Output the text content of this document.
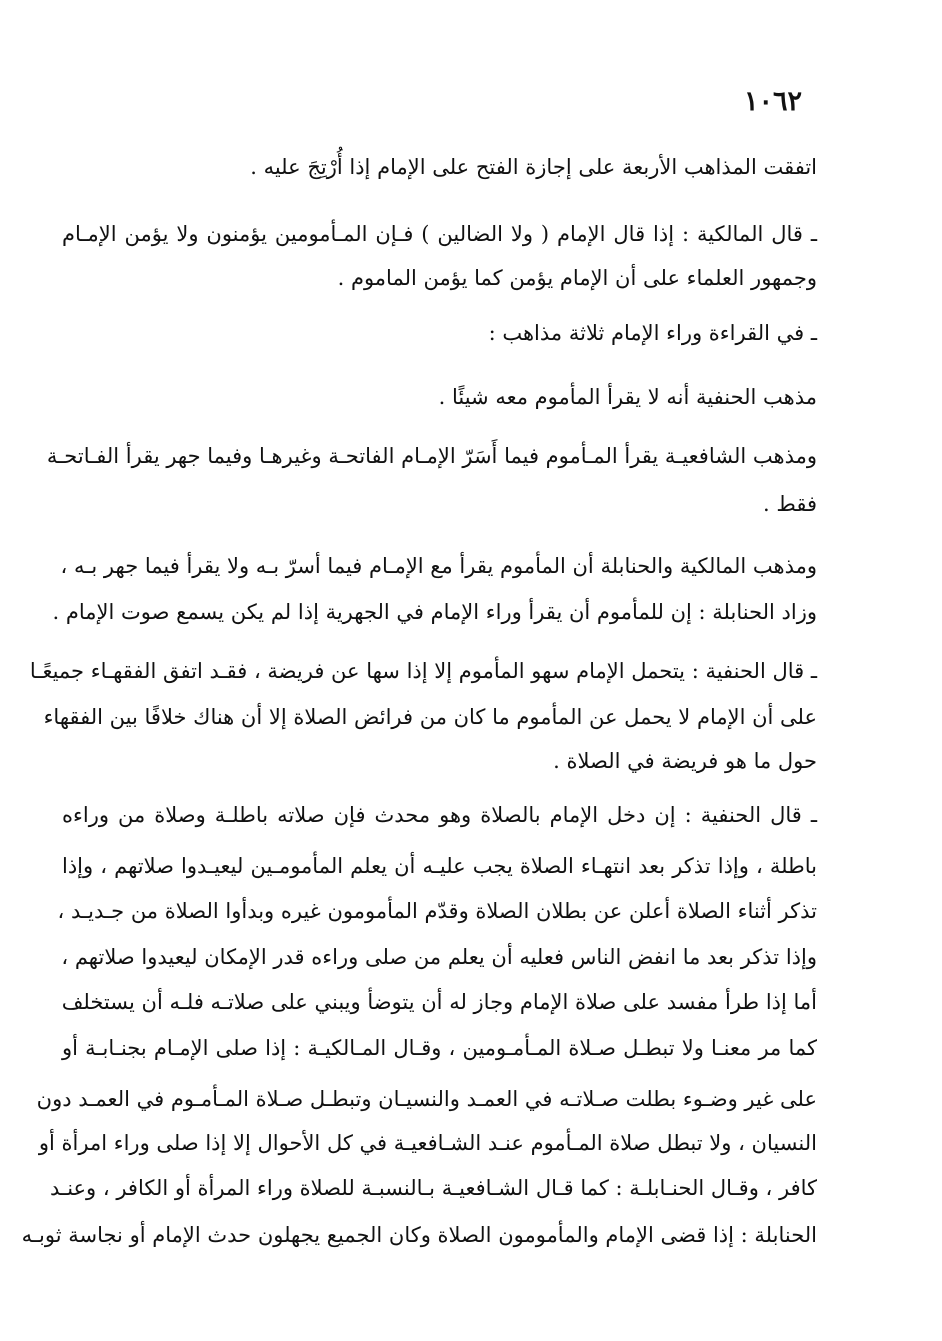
١٠٦٢
اتفقت المذاهب الأربعة على إجازة الفتح على الإمام إذا أُرْتِجَ عليه .
ـ قال المالكية : إذا قال الإمام ( ولا الضالين ) فـإن المـأمومين يؤمنون ولا يؤمن الإمـام
وجمهور العلماء على أن الإمام يؤمن كما يؤمن الماموم .
ـ في القراءة وراء الإمام ثلاثة مذاهب :
مذهب الحنفية أنه لا يقرأ المأموم معه شيئًا .
ومذهب الشافعيـة يقرأ المـأموم فيما أَسَرّ الإمـام الفاتحـة وغيرهـا وفيما جهر يقرأ الفـاتحـة
فقط .
ومذهب المالكية والحنابلة أن المأموم يقرأ مع الإمـام فيما أسرّ بـه ولا يقرأ فيما جهر بـه ،
وزاد الحنابلة : إن للمأموم أن يقرأ وراء الإمام في الجهرية إذا لم يكن يسمع صوت الإمام .
ـ قال الحنفية : يتحمل الإمام سهو المأموم إلا إذا سها عن فريضة ، فقـد اتفق الفقهـاء جميعًـا
على أن الإمام لا يحمل عن المأموم ما كان من فرائض الصلاة إلا أن هناك خلافًا بين الفقهاء
حول ما هو فريضة في الصلاة .
ـ قال الحنفية : إن دخل الإمام بالصلاة وهو محدث فإن صلاته باطلـة وصلاة من وراءه
باطلة ، وإذا تذكر بعد انتهـاء الصلاة يجب عليـه أن يعلم المأمومـين ليعيـدوا صلاتهم ، وإذا
تذكر أثناء الصلاة أعلن عن بطلان الصلاة وقدّم المأمومون غيره وبدأوا الصلاة من جـديـد ،
وإذا تذكر بعد ما انفض الناس فعليه أن يعلم من صلى وراءه قدر الإمكان ليعيدوا صلاتهم ،
أما إذا طرأ مفسد على صلاة الإمام وجاز له أن يتوضأ ويبني على صلاتـه فلـه أن يستخلف
كما مر معنـا ولا تبطـل صـلاة المـأمـومين ، وقـال المـالكيـة : إذا صلى الإمـام بجنـابـة أو
على غير وضـوء بطلت صـلاتـه في العمـد والنسيـان وتبطـل صـلاة المـأمـوم في العمـد دون
النسيان ، ولا تبطل صلاة المـأموم عنـد الشـافعيـة في كل الأحوال إلا إذا صلى وراء امرأة أو
كافر ، وقـال الحنـابلـة : كما قـال الشـافعيـة بـالنسبـة للصلاة وراء المرأة أو الكافر ، وعنـد
الحنابلة : إذا قضى الإمام والمأمومون الصلاة وكان الجميع يجهلون حدث الإمام أو نجاسة ثوبـه
